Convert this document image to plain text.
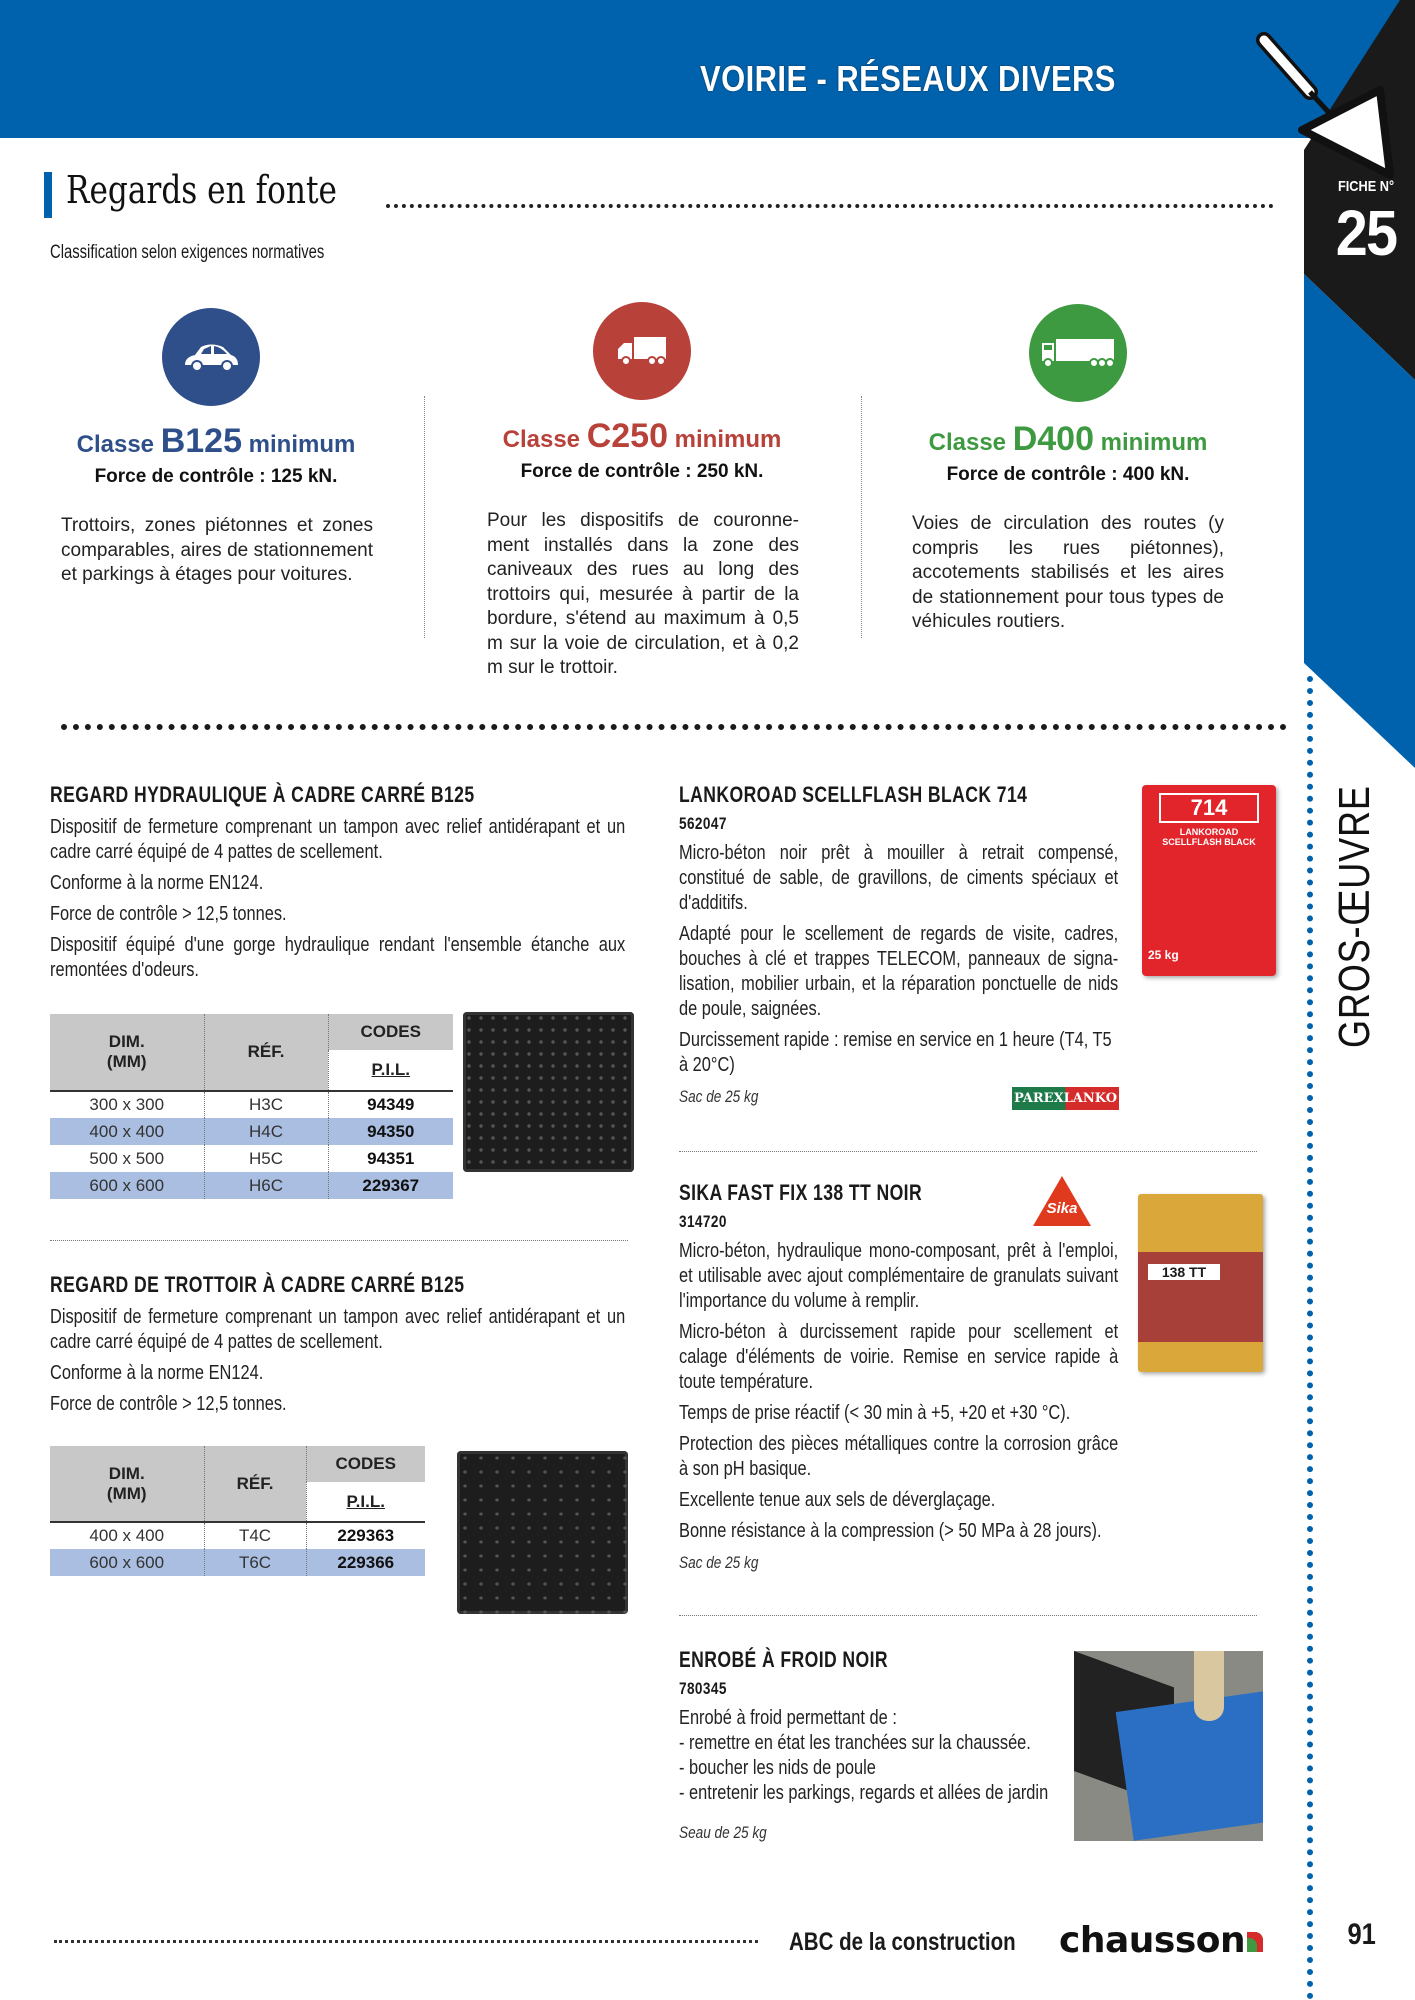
VOIRIE - RÉSEAUX DIVERS
FICHE N°
25
Regards en fonte
Classification selon exigences normatives
Classe B125 minimum
Force de contrôle : 125 kN.
Trottoirs, zones piétonnes et zones comparables, aires de stationnement et parkings à étages pour voitures.
Classe C250 minimum
Force de contrôle : 250 kN.
Pour les dispositifs de couronne-ment installés dans la zone des caniveaux des rues au long des trottoirs qui, mesurée à partir de la bordure, s'étend au maximum à 0,5 m sur la voie de circulation, et à 0,2 m sur le trottoir.
Classe D400 minimum
Force de contrôle : 400 kN.
Voies de circulation des routes (y compris les rues piétonnes), accotements stabilisés et les aires de stationnement pour tous types de véhicules routiers.
REGARD HYDRAULIQUE À CADRE CARRÉ B125
Dispositif de fermeture comprenant un tampon avec relief antidérapant et un cadre carré équipé de 4 pattes de scellement.
Conforme à la norme EN124.
Force de contrôle > 12,5 tonnes.
Dispositif équipé d'une gorge hydraulique rendant l'ensemble étanche aux remontées d'odeurs.
DIM.
(MM)	RÉF.	CODES
		P.I.L.
300 x 300	H3C	94349
400 x 400	H4C	94350
500 x 500	H5C	94351
600 x 600	H6C	229367
REGARD DE TROTTOIR À CADRE CARRÉ B125
Dispositif de fermeture comprenant un tampon avec relief antidérapant et un cadre carré équipé de 4 pattes de scellement.
Conforme à la norme EN124.
Force de contrôle > 12,5 tonnes.
DIM.
(MM)	RÉF.	CODES
		P.I.L.
400 x 400	T4C	229363
600 x 600	T6C	229366
LANKOROAD SCELLFLASH BLACK 714
562047
Micro-béton noir prêt à mouiller à retrait compensé, constitué de sable, de gravillons, de ciments spéciaux et d'additifs.
Adapté pour le scellement de regards de visite, cadres, bouches à clé et trappes TELECOM, panneaux de signa-lisation, mobilier urbain, et la réparation ponctuelle de nids de poule, saignées.
Durcissement rapide : remise en service en 1 heure (T4, T5 à 20°C)
Sac de 25 kg
714
LANKOROAD SCELLFLASH BLACK
25 kg
PAREXLANKO
SIKA FAST FIX 138 TT NOIR
314720
Micro-béton, hydraulique mono-composant, prêt à l'emploi, et utilisable avec ajout complémentaire de granulats suivant l'importance du volume à remplir.
Micro-béton à durcissement rapide pour scellement et calage d'éléments de voirie. Remise en service rapide à toute température.
Temps de prise réactif (< 30 min à +5, +20 et +30 °C).
Protection des pièces métalliques contre la corrosion grâce à son pH basique.
Excellente tenue aux sels de déverglaçage.
Bonne résistance à la compression (> 50 MPa à 28 jours).
Sac de 25 kg
Sika
138 TT
ENROBÉ À FROID NOIR
780345
Enrobé à froid permettant de :
- remettre en état les tranchées sur la chaussée.
- boucher les nids de poule
- entretenir les parkings, regards et allées de jardin
Seau de 25 kg
GROS-ŒUVRE
ABC de la construction chausson	91
